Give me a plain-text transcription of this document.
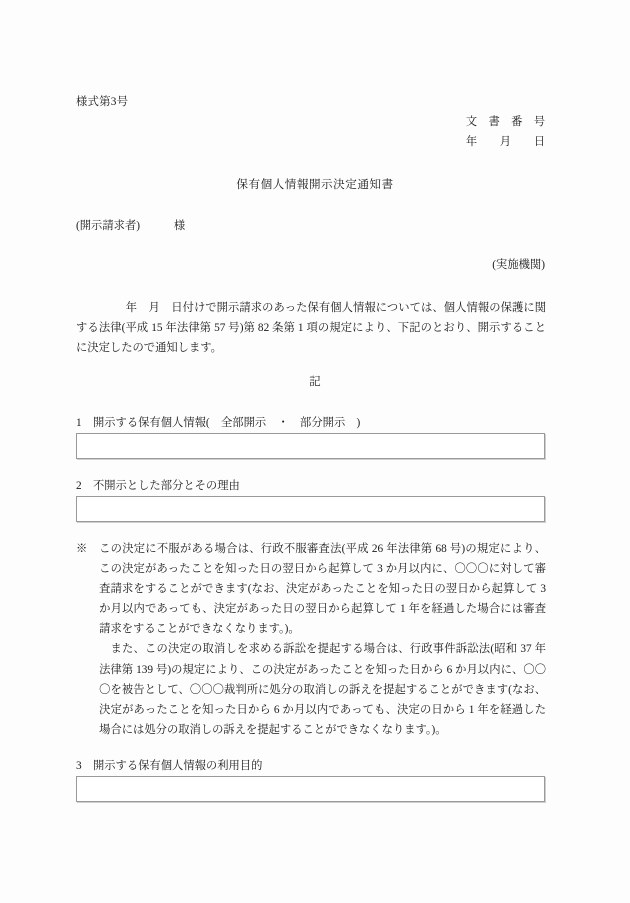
様式第3号
文　書　番　号
　年　　月　　日
保有個人情報開示決定通知書
(開示請求者)　　　様
(実施機関)
年　月　日付けで開示請求のあった保有個人情報については、個人情報の保護に関する法律(平成 15 年法律第 57 号)第 82 条第 1 項の規定により、下記のとおり、開示することに決定したので通知します。
記
1　開示する保有個人情報(　全部開示　・　部分開示　)
2　不開示とした部分とその理由

※　この決定に不服がある場合は、行政不服審査法(平成 26 年法律第 68 号)の規定により、この決定があったことを知った日の翌日から起算して 3 か月以内に、〇〇〇に対して審査請求をすることができます(なお、決定があったことを知った日の翌日から起算して 3 か月以内であっても、決定があった日の翌日から起算して 1 年を経過した場合には審査請求をすることができなくなります。)。

また、この決定の取消しを求める訴訟を提起する場合は、行政事件訴訟法(昭和 37 年法律第 139 号)の規定により、この決定があったことを知った日から 6 か月以内に、〇〇〇を被告として、〇〇〇裁判所に処分の取消しの訴えを提起することができます(なお、決定があったことを知った日から 6 か月以内であっても、決定の日から 1 年を経過した場合には処分の取消しの訴えを提起することができなくなります。)。

3　開示する保有個人情報の利用目的
